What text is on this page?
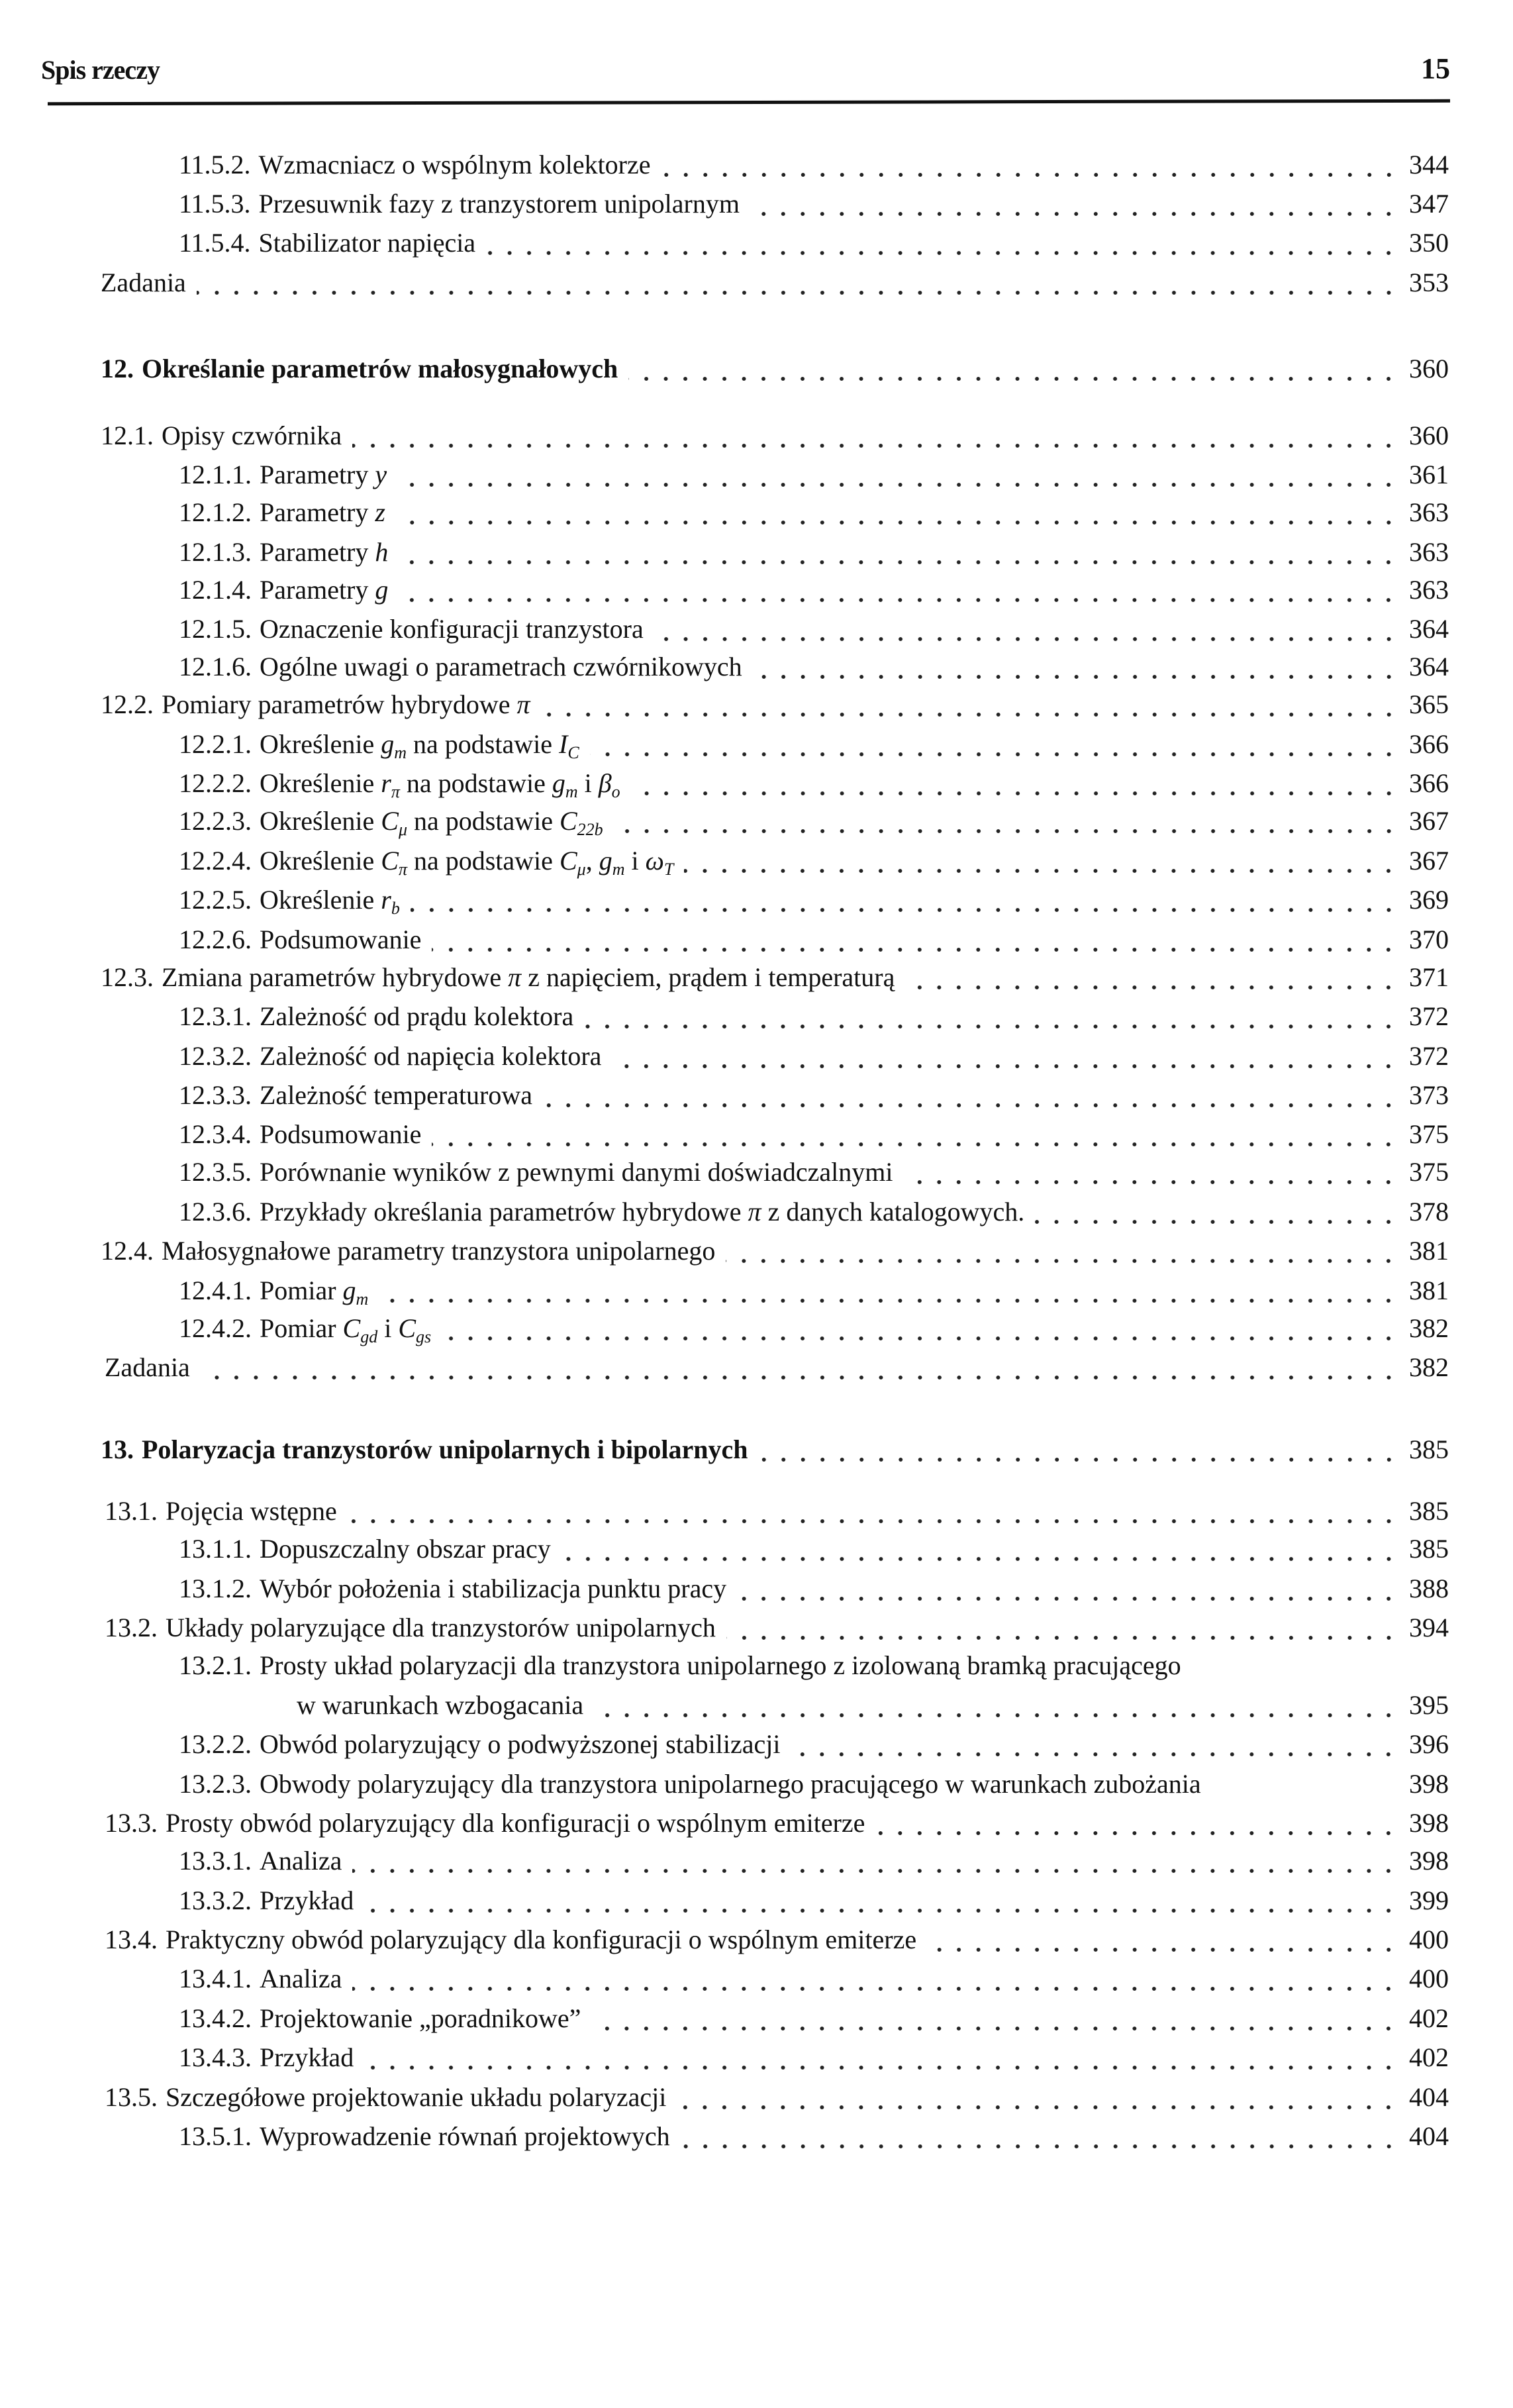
Spis rzeczy	15
11.5.2. Wzmacniacz o wspólnym kolektorze	344
11.5.3. Przesuwnik fazy z tranzystorem unipolarnym	347
11.5.4. Stabilizator napięcia	350
Zadania	353
12. Określanie parametrów małosygnałowych	360
12.1. Opisy czwórnika	360
12.1.1. Parametry y	361
12.1.2. Parametry z	363
12.1.3. Parametry h	363
12.1.4. Parametry g	363
12.1.5. Oznaczenie konfiguracji tranzystora	364
12.1.6. Ogólne uwagi o parametrach czwórnikowych	364
12.2. Pomiary parametrów hybrydowe π	365
12.2.1. Określenie $g_m$ na podstawie $I_C$	366
12.2.2. Określenie $r_\pi$ na podstawie $g_m$ i $\beta_o$	366
12.2.3. Określenie $C_\mu$ na podstawie $C_{22b}$	367
12.2.4. Określenie $C_\pi$ na podstawie $C_\mu$, $g_m$ i $\omega_T$	367
12.2.5. Określenie $r_b$	369
12.2.6. Podsumowanie	370
12.3. Zmiana parametrów hybrydowe π z napięciem, prądem i temperaturą	371
12.3.1. Zależność od prądu kolektora	372
12.3.2. Zależność od napięcia kolektora	372
12.3.3. Zależność temperaturowa	373
12.3.4. Podsumowanie	375
12.3.5. Porównanie wyników z pewnymi danymi doświadczalnymi	375
12.3.6. Przykłady określania parametrów hybrydowe π z danych katalogowych.	378
12.4. Małosygnałowe parametry tranzystora unipolarnego	381
12.4.1. Pomiar $g_m$	381
12.4.2. Pomiar $C_{gd}$ i $C_{gs}$	382
Zadania	382
13. Polaryzacja tranzystorów unipolarnych i bipolarnych	385
13.1. Pojęcia wstępne	385
13.1.1. Dopuszczalny obszar pracy	385
13.1.2. Wybór położenia i stabilizacja punktu pracy	388
13.2. Układy polaryzujące dla tranzystorów unipolarnych	394
13.2.1. Prosty układ polaryzacji dla tranzystora unipolarnego z izolowaną bramką pracującego
w warunkach wzbogacania	395
13.2.2. Obwód polaryzujący o podwyższonej stabilizacji	396
13.2.3. Obwody polaryzujący dla tranzystora unipolarnego pracującego w warunkach zubożania	398
13.3. Prosty obwód polaryzujący dla konfiguracji o wspólnym emiterze	398
13.3.1. Analiza	398
13.3.2. Przykład	399
13.4. Praktyczny obwód polaryzujący dla konfiguracji o wspólnym emiterze	400
13.4.1. Analiza	400
13.4.2. Projektowanie „poradnikowe”	402
13.4.3. Przykład	402
13.5. Szczegółowe projektowanie układu polaryzacji	404
13.5.1. Wyprowadzenie równań projektowych	404
